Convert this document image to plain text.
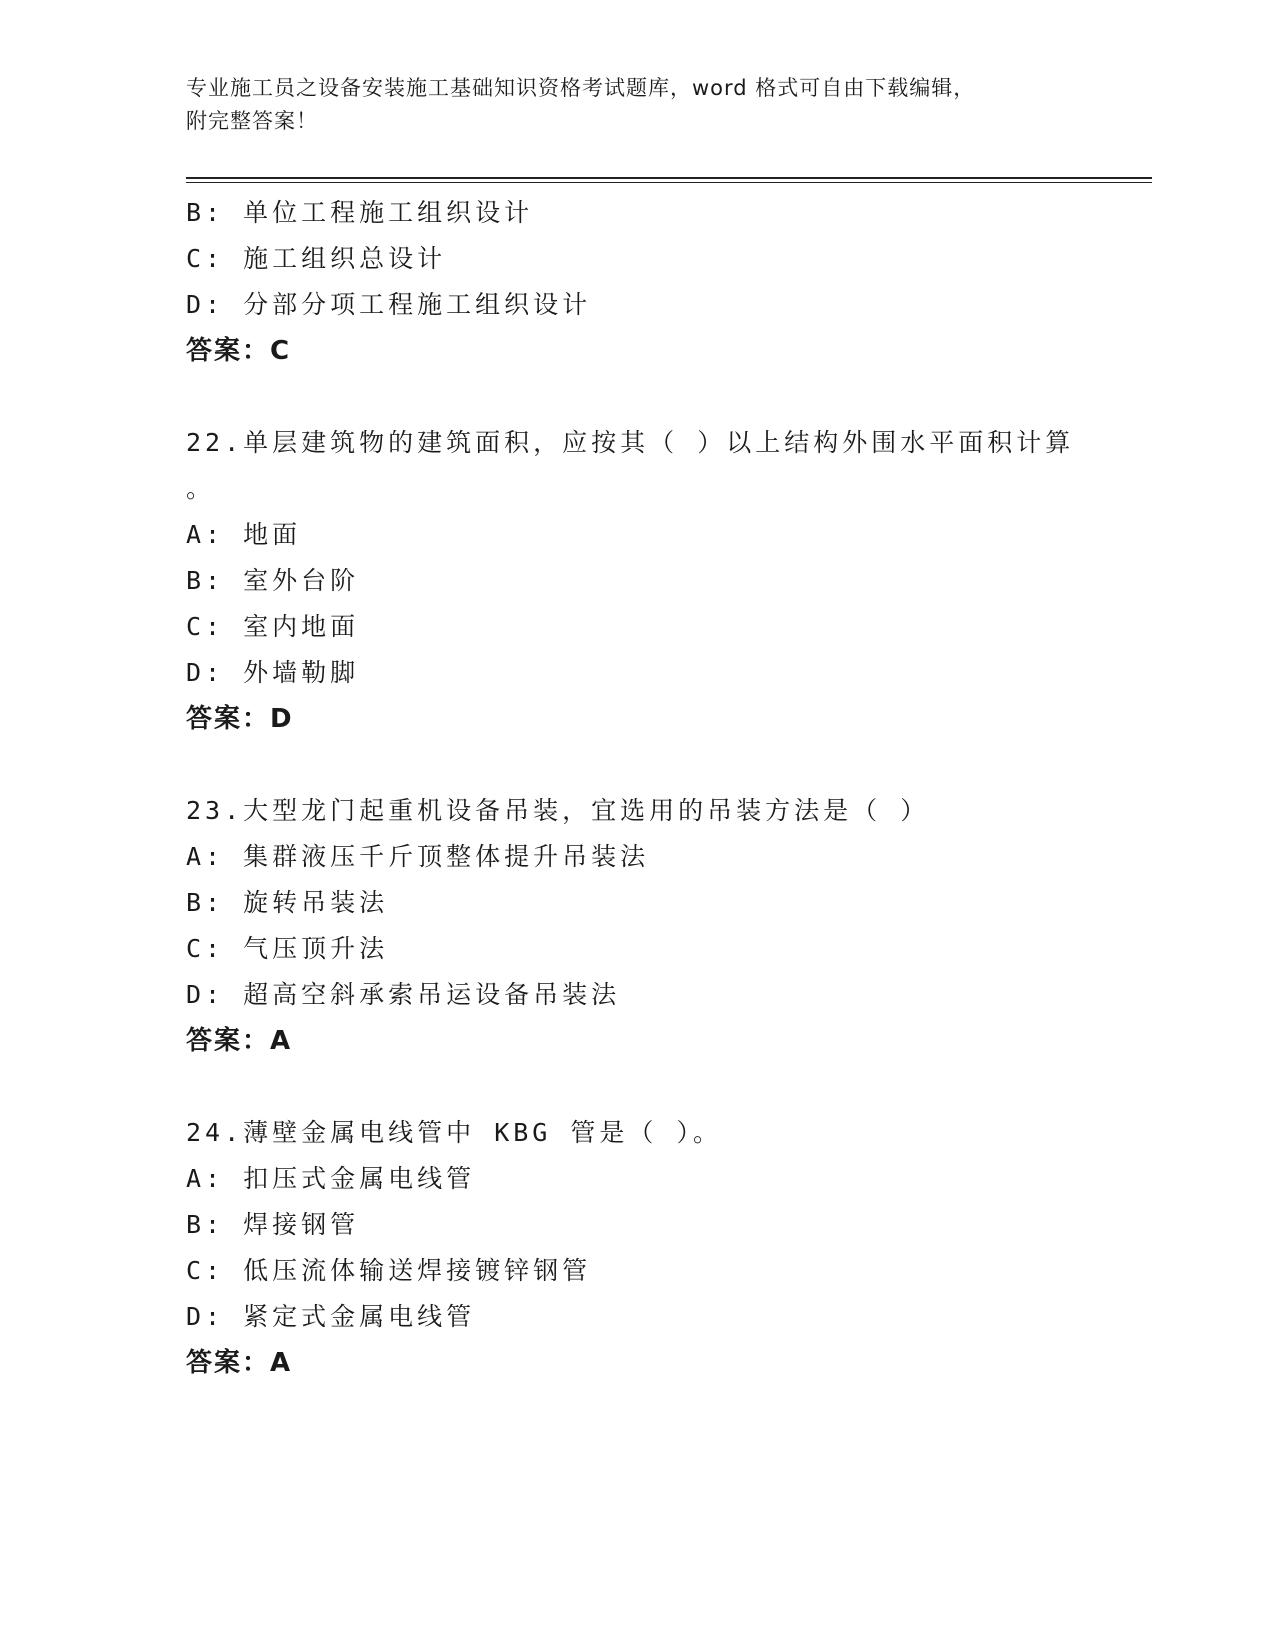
专业施工员之设备安装施工基础知识资格考试题库，word 格式可自由下载编辑，
附完整答案！
B: 单位工程施工组织设计
C: 施工组织总设计
D: 分部分项工程施工组织设计
答案：C
22.单层建筑物的建筑面积，应按其（ ）以上结构外围水平面积计算
。
A: 地面
B: 室外台阶
C: 室内地面
D: 外墙勒脚
答案：D
23.大型龙门起重机设备吊装，宜选用的吊装方法是（ ）
A: 集群液压千斤顶整体提升吊装法
B: 旋转吊装法
C: 气压顶升法
D: 超高空斜承索吊运设备吊装法
答案：A
24.薄壁金属电线管中 KBG 管是（ ）。
A: 扣压式金属电线管
B: 焊接钢管
C: 低压流体输送焊接镀锌钢管
D: 紧定式金属电线管
答案：A
